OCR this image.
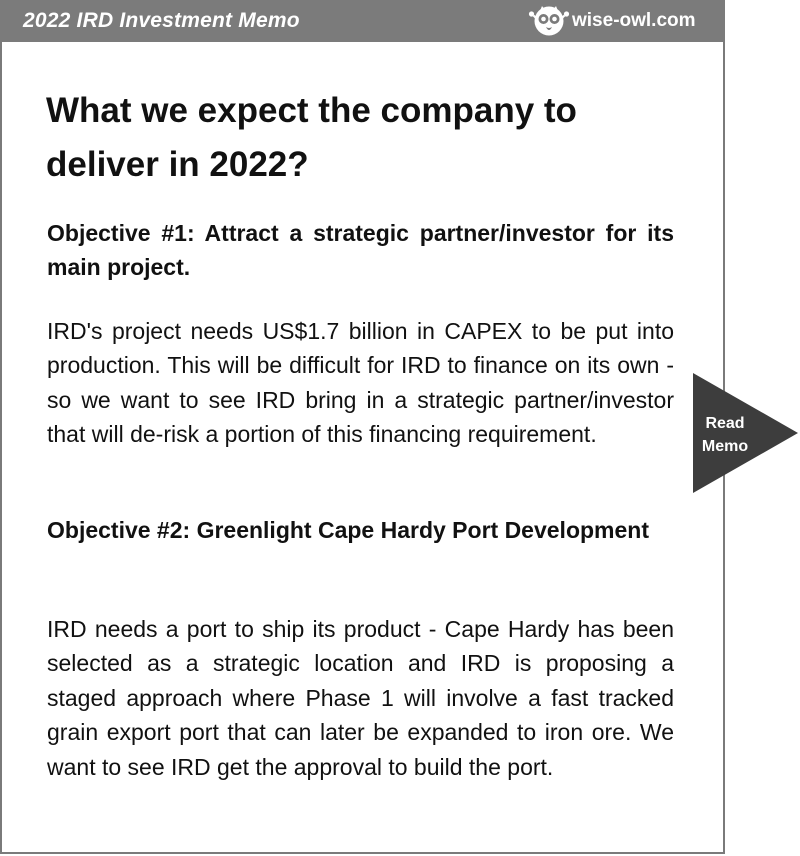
2022 IRD Investment Memo	wise-owl.com
What we expect the company to deliver in 2022?

Objective #1: Attract a strategic partner/investor for its main project.

IRD's project needs US$1.7 billion in CAPEX to be put into production. This will be difficult for IRD to finance on its own - so we want to see IRD bring in a strategic partner/investor that will de-risk a portion of this financing requirement.

Objective #2: Greenlight Cape Hardy Port Development

IRD needs a port to ship its product - Cape Hardy has been selected as a strategic location and IRD is proposing a staged approach where Phase 1 will involve a fast tracked grain export port that can later be expanded to iron ore. We want to see IRD get the approval to build the port.

Read
Memo
